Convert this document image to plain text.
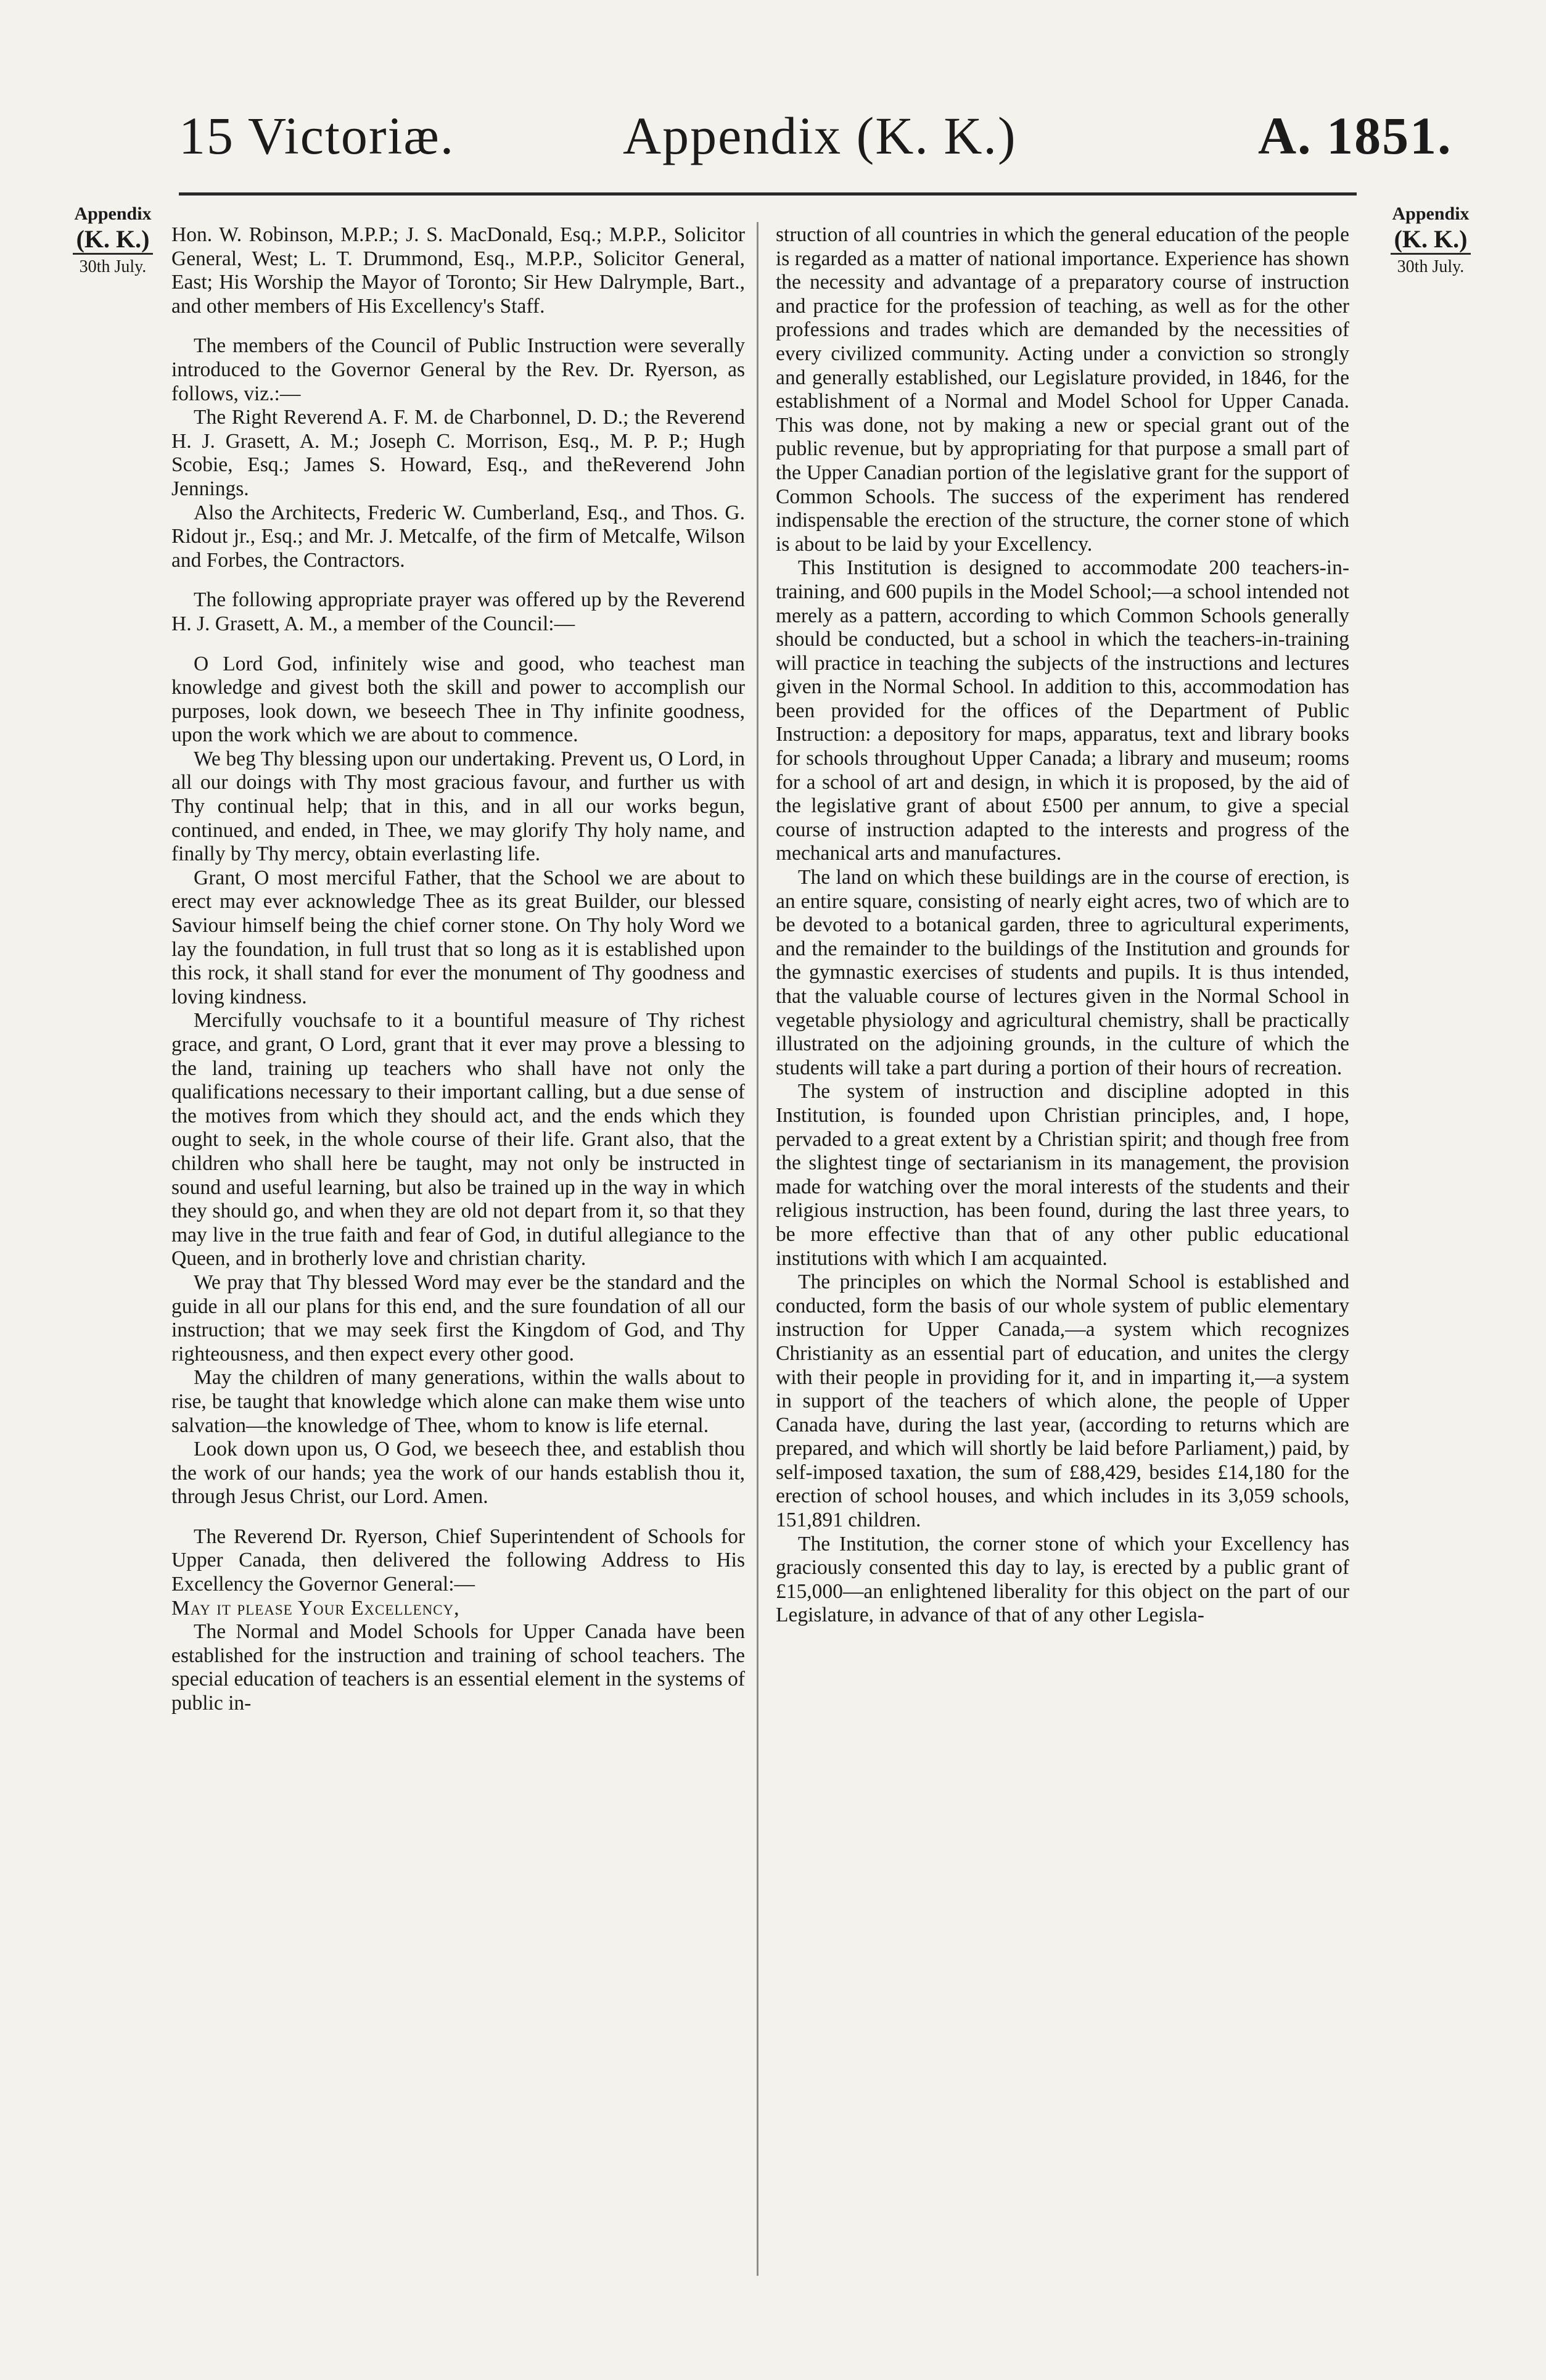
15 Victoriæ.	Appendix (K. K.)	A. 1851.
Appendix
(K. K.)
30th July.
Appendix
(K. K.)
30th July.

Hon. W. Robinson, M.P.P.; J. S. MacDonald, Esq.; M.P.P., Solicitor General, West; L. T. Drummond, Esq., M.P.P., Solicitor General, East; His Worship the Mayor of Toronto; Sir Hew Dalrymple, Bart., and other members of His Excellency's Staff.

The members of the Council of Public Instruction were severally introduced to the Governor General by the Rev. Dr. Ryerson, as follows, viz.:—

The Right Reverend A. F. M. de Charbonnel, D. D.; the Reverend H. J. Grasett, A. M.; Joseph C. Morrison, Esq., M. P. P.; Hugh Scobie, Esq.; James S. Howard, Esq., and theReverend John Jennings.

Also the Architects, Frederic W. Cumberland, Esq., and Thos. G. Ridout jr., Esq.; and Mr. J. Metcalfe, of the firm of Metcalfe, Wilson and Forbes, the Contractors.

The following appropriate prayer was offered up by the Reverend H. J. Grasett, A. M., a member of the Council:—

O Lord God, infinitely wise and good, who teachest man knowledge and givest both the skill and power to accomplish our purposes, look down, we beseech Thee in Thy infinite goodness, upon the work which we are about to commence.

We beg Thy blessing upon our undertaking. Prevent us, O Lord, in all our doings with Thy most gracious favour, and further us with Thy continual help; that in this, and in all our works begun, continued, and ended, in Thee, we may glorify Thy holy name, and finally by Thy mercy, obtain everlasting life.

Grant, O most merciful Father, that the School we are about to erect may ever acknowledge Thee as its great Builder, our blessed Saviour himself being the chief corner stone. On Thy holy Word we lay the foundation, in full trust that so long as it is established upon this rock, it shall stand for ever the monument of Thy goodness and loving kindness.

Mercifully vouchsafe to it a bountiful measure of Thy richest grace, and grant, O Lord, grant that it ever may prove a blessing to the land, training up teachers who shall have not only the qualifications necessary to their important calling, but a due sense of the motives from which they should act, and the ends which they ought to seek, in the whole course of their life. Grant also, that the children who shall here be taught, may not only be instructed in sound and useful learning, but also be trained up in the way in which they should go, and when they are old not depart from it, so that they may live in the true faith and fear of God, in dutiful allegiance to the Queen, and in brotherly love and christian charity.

We pray that Thy blessed Word may ever be the standard and the guide in all our plans for this end, and the sure foundation of all our instruction; that we may seek first the Kingdom of God, and Thy righteousness, and then expect every other good.

May the children of many generations, within the walls about to rise, be taught that knowledge which alone can make them wise unto salvation—the knowledge of Thee, whom to know is life eternal.

Look down upon us, O God, we beseech thee, and establish thou the work of our hands; yea the work of our hands establish thou it, through Jesus Christ, our Lord. Amen.

The Reverend Dr. Ryerson, Chief Superintendent of Schools for Upper Canada, then delivered the following Address to His Excellency the Governor General:—

May it please Your Excellency,

The Normal and Model Schools for Upper Canada have been established for the instruction and training of school teachers. The special education of teachers is an essential element in the systems of public in-

struction of all countries in which the general education of the people is regarded as a matter of national importance. Experience has shown the necessity and advantage of a preparatory course of instruction and practice for the profession of teaching, as well as for the other professions and trades which are demanded by the necessities of every civilized community. Acting under a conviction so strongly and generally established, our Legislature provided, in 1846, for the establishment of a Normal and Model School for Upper Canada. This was done, not by making a new or special grant out of the public revenue, but by appropriating for that purpose a small part of the Upper Canadian portion of the legislative grant for the support of Common Schools. The success of the experiment has rendered indispensable the erection of the structure, the corner stone of which is about to be laid by your Excellency.

This Institution is designed to accommodate 200 teachers-in-training, and 600 pupils in the Model School;—a school intended not merely as a pattern, according to which Common Schools generally should be conducted, but a school in which the teachers-in-training will practice in teaching the subjects of the instructions and lectures given in the Normal School. In addition to this, accommodation has been provided for the offices of the Department of Public Instruction: a depository for maps, apparatus, text and library books for schools throughout Upper Canada; a library and museum; rooms for a school of art and design, in which it is proposed, by the aid of the legislative grant of about £500 per annum, to give a special course of instruction adapted to the interests and progress of the mechanical arts and manufactures.

The land on which these buildings are in the course of erection, is an entire square, consisting of nearly eight acres, two of which are to be devoted to a botanical garden, three to agricultural experiments, and the remainder to the buildings of the Institution and grounds for the gymnastic exercises of students and pupils. It is thus intended, that the valuable course of lectures given in the Normal School in vegetable physiology and agricultural chemistry, shall be practically illustrated on the adjoining grounds, in the culture of which the students will take a part during a portion of their hours of recreation.

The system of instruction and discipline adopted in this Institution, is founded upon Christian principles, and, I hope, pervaded to a great extent by a Christian spirit; and though free from the slightest tinge of sectarianism in its management, the provision made for watching over the moral interests of the students and their religious instruction, has been found, during the last three years, to be more effective than that of any other public educational institutions with which I am acquainted.

The principles on which the Normal School is established and conducted, form the basis of our whole system of public elementary instruction for Upper Canada,—a system which recognizes Christianity as an essential part of education, and unites the clergy with their people in providing for it, and in imparting it,—a system in support of the teachers of which alone, the people of Upper Canada have, during the last year, (according to returns which are prepared, and which will shortly be laid before Parliament,) paid, by self-imposed taxation, the sum of £88,429, besides £14,180 for the erection of school houses, and which includes in its 3,059 schools, 151,891 children.

The Institution, the corner stone of which your Excellency has graciously consented this day to lay, is erected by a public grant of £15,000—an enlightened liberality for this object on the part of our Legislature, in advance of that of any other Legisla-
